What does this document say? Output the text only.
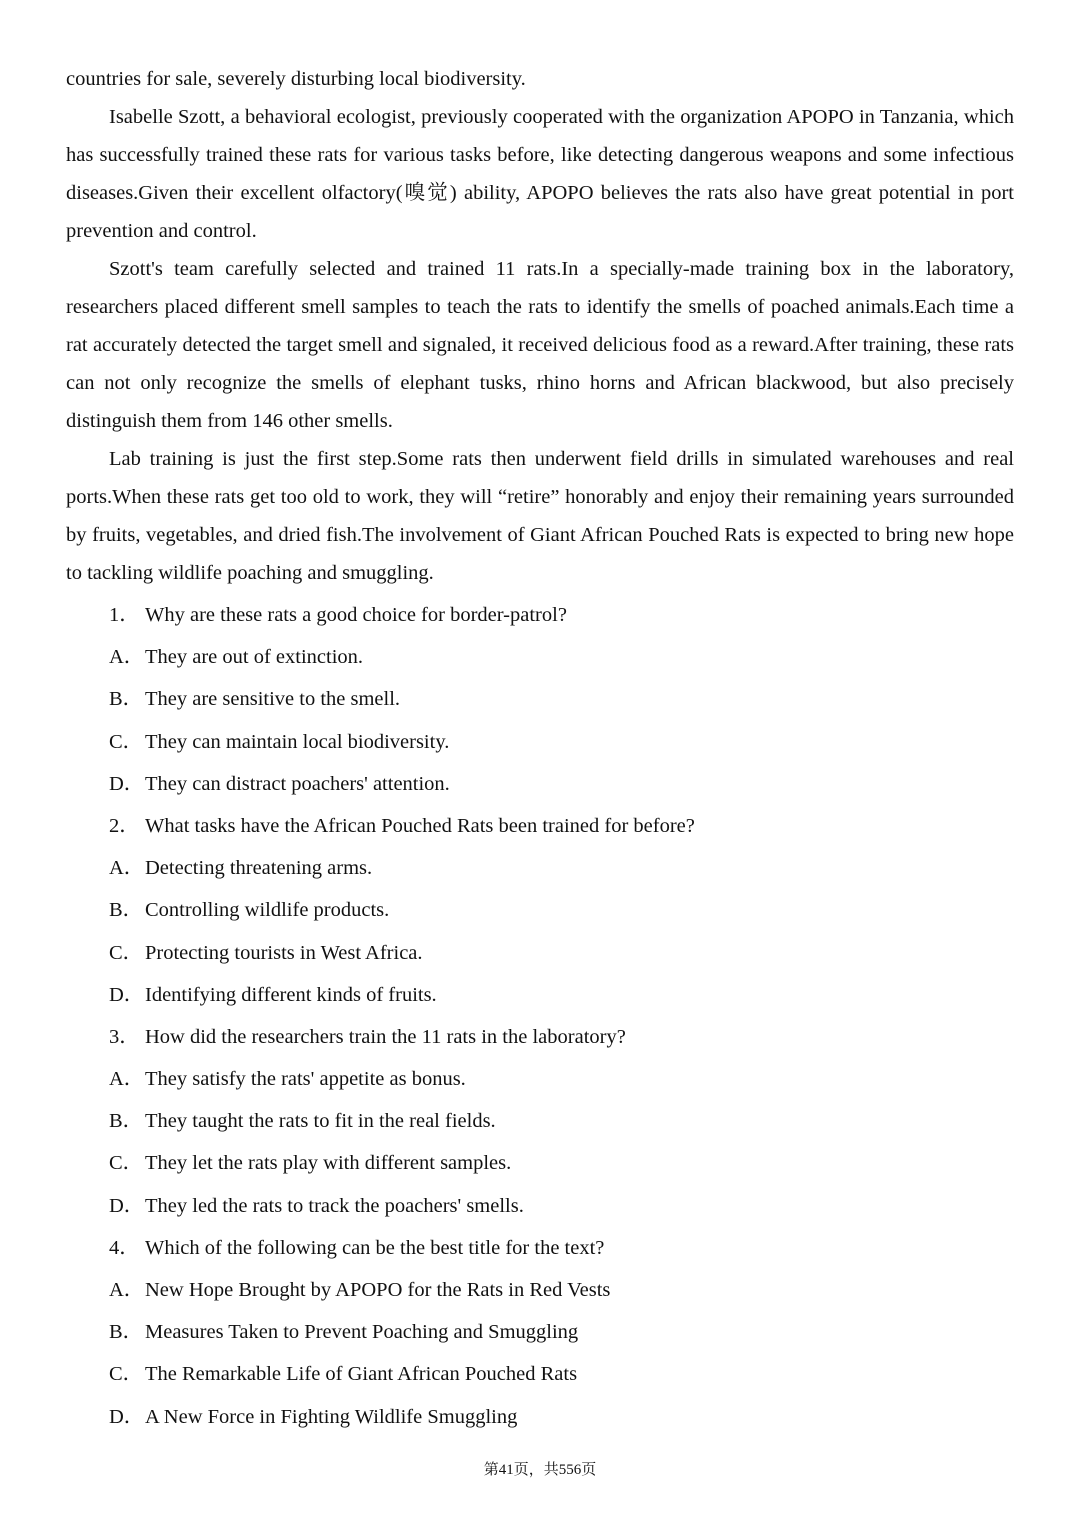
countries for sale, severely disturbing local biodiversity.

Isabelle Szott, a behavioral ecologist, previously cooperated with the organization APOPO in Tanzania, which has successfully trained these rats for various tasks before, like detecting dangerous weapons and some infectious diseases.Given their excellent olfactory(嗅觉) ability, APOPO believes the rats also have great potential in port prevention and control.

Szott's team carefully selected and trained 11 rats.In a specially-made training box in the laboratory, researchers placed different smell samples to teach the rats to identify the smells of poached animals.Each time a rat accurately detected the target smell and signaled, it received delicious food as a reward.After training, these rats can not only recognize the smells of elephant tusks, rhino horns and African blackwood, but also precisely distinguish them from 146 other smells.

Lab training is just the first step.Some rats then underwent field drills in simulated warehouses and real ports.When these rats get too old to work, they will “retire” honorably and enjoy their remaining years surrounded by fruits, vegetables, and dried fish.The involvement of Giant African Pouched Rats is expected to bring new hope to tackling wildlife poaching and smuggling.

1． Why are these rats a good choice for border-patrol?
A．They are out of extinction.
B．They are sensitive to the smell.
C．They can maintain local biodiversity.
D．They can distract poachers' attention.
2． What tasks have the African Pouched Rats been trained for before?
A．Detecting threatening arms.
B．Controlling wildlife products.
C．Protecting tourists in West Africa.
D．Identifying different kinds of fruits.
3． How did the researchers train the 11 rats in the laboratory?
A．They satisfy the rats' appetite as bonus.
B．They taught the rats to fit in the real fields.
C．They let the rats play with different samples.
D．They led the rats to track the poachers' smells.
4． Which of the following can be the best title for the text?
A．New Hope Brought by APOPO for the Rats in Red Vests
B．Measures Taken to Prevent Poaching and Smuggling
C．The Remarkable Life of Giant African Pouched Rats
D．A New Force in Fighting Wildlife Smuggling
第41页，共556页
